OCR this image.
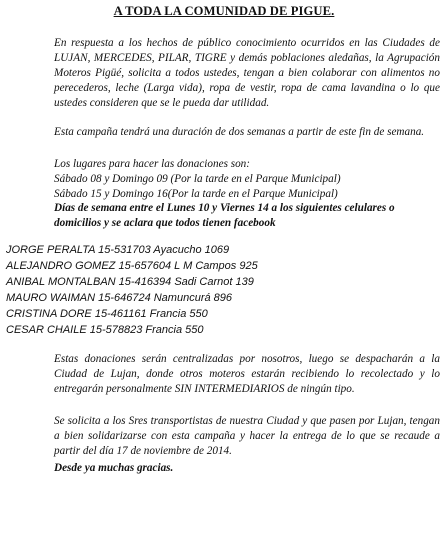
A TODA LA COMUNIDAD DE PIGUE.
En respuesta a los hechos de público conocimiento ocurridos en las Ciudades de LUJAN, MERCEDES, PILAR, TIGRE y demás poblaciones aledañas, la Agrupación Moteros Pigüé, solicita a todos ustedes, tengan a bien colaborar con alimentos no perecederos, leche (Larga vida), ropa de vestir, ropa de cama lavandina o lo que ustedes consideren que se le pueda dar utilidad.
Esta campaña tendrá una duración de dos semanas a partir de este fin de semana.
Los lugares para hacer las donaciones son:
Sábado 08 y Domingo 09 (Por la tarde en el Parque Municipal)
Sábado 15 y Domingo 16(Por la tarde en el Parque Municipal)
Días de semana entre el Lunes 10 y Viernes 14 a los siguientes celulares o domicilios y se aclara que todos tienen facebook
JORGE PERALTA 15-531703 Ayacucho 1069
ALEJANDRO GOMEZ 15-657604 L M Campos 925
ANIBAL MONTALBAN 15-416394 Sadi Carnot 139
MAURO WAIMAN 15-646724 Namuncurá 896
CRISTINA DORE 15-461161 Francia 550
CESAR CHAILE 15-578823 Francia 550
Estas donaciones serán centralizadas por nosotros, luego se despacharán a la Ciudad de Lujan, donde otros moteros estarán recibiendo lo recolectado y lo entregarán personalmente SIN INTERMEDIARIOS de ningún tipo.
Se solicita a los Sres transportistas de nuestra Ciudad y que pasen por Lujan, tengan a bien solidarizarse con esta campaña y hacer la entrega de lo que se recaude a partir del día 17 de noviembre de 2014.
Desde ya muchas gracias.
